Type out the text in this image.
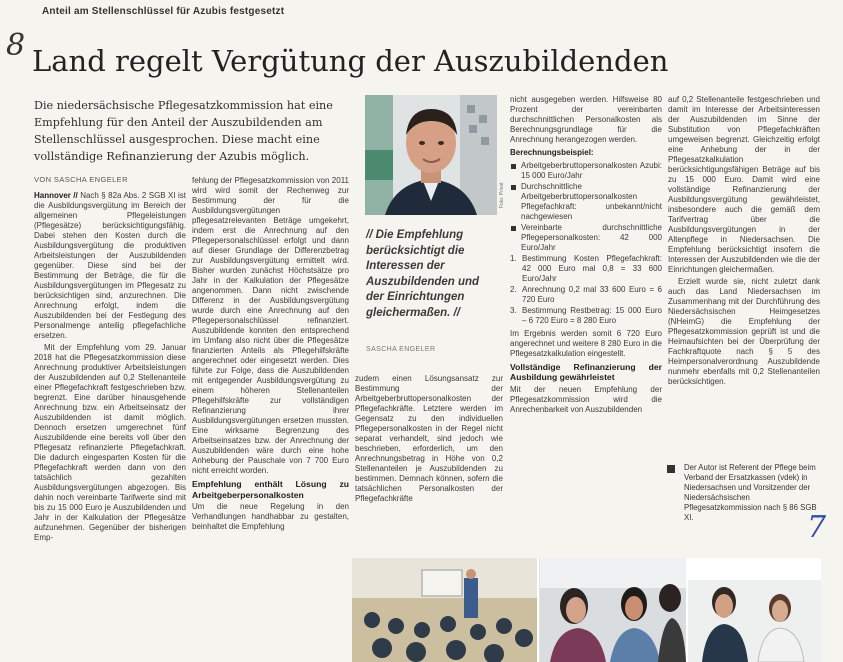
Anteil am Stellenschlüssel für Azubis festgesetzt
8 Land regelt Vergütung der Auszubildenden
Die niedersächsische Pflegesatzkommission hat eine Empfehlung für den Anteil der Auszubildenden am Stellenschlüssel ausgesprochen. Diese macht eine vollständige Refinanzierung der Azubis möglich.
VON SASCHA ENGELER

Hannover // Nach § 82a Abs. 2 SGB XI ist die Ausbildungsvergütung im Bereich der allgemeinen Pflegeleistungen (Pflegesätze) berücksichtigungsfähig. Dabei stehen den Kosten durch die Ausbildungsvergütung die produktiven Arbeitsleistungen der Auszubildenden gegenüber. Diese sind bei der Bestimmung der Beträge, die für die Ausbildungsvergütungen im Pflegesatz zu berücksichtigen sind, anzurechnen. Die Anrechnung erfolgt, indem die Auszubildenden bei der Festlegung des Personalmenge anteilig pflegefachliche ersetzen.

Mit der Empfehlung vom 29. Januar 2018 hat die Pflegesatzkommission diese Anrechnung produktiver Arbeitsleistungen der Auszubildenden auf 0,2 Stellenanteile einer Pflegefachkraft festgeschrieben bzw. begrenzt. Eine darüber hinausgehende Anrechnung bzw. ein Arbeitseinsatz der Auszubildenden ist damit möglich. Dennoch ersetzen umgerechnet fünf Auszubildende eine bereits voll über den Pflegesatz refinanzierte Pflegefachkraft. Die dadurch eingesparten Kosten für die Pflegefachkraft werden dann von den tatsächlich gezahlten Ausbildungsvergütungen abgezogen. Bis dahin noch vereinbarte Tarifwerte sind mit bis zu 15 000 Euro je Auszubildenden und Jahr in der Kalkulation der Pflegesätze aufzunehmen. Gegenüber der bisherigen Emp-

fehlung der Pflegesatzkommission von 2011 wird wird somit der Rechenweg zur Bestimmung der für die Ausbildungsvergütungen pflegesatzrelevanten Beträge umgekehrt, indem erst die Anrechnung auf den Pflegepersonalschlüssel erfolgt und dann auf dieser Grundlage der Differenzbetrag zur Ausbildungsvergütung ermittelt wird. Bisher wurden zunächst Höchstsätze pro Jahr in der Kalkulation der Pflegesätze angenommen. Dann nicht zwischende Differenz in der Ausbildungsvergütung wurde durch eine Anrechnung auf den Pflegepersonalschlüssel refinanziert. Auszubildende konnten den entsprechend im Umfang also nicht über die Pflegesätze finanzierten Anteils als Pflegehilfskräfte angerechnet oder eingesetzt werden. Dies führte zur Folge, dass die Auszubildenden mit entgegender Ausbildungsvergütung zu einem höheren Stellenanteilen Pflegehilfskräfte zur vollständigen Refinanzierung ihrer Ausbildungsvergütungen ersetzen mussten. Eine wirksame Begrenzung des Arbeitseinsatzes bzw. der Anrechnung der Auszubildenden wäre durch eine hohe Anhebung der Pauschale von 7 700 Euro nicht erreicht worden.

Empfehlung enthält Lösung zu Arbeitgeberpersonalkosten

Um die neue Regelung in den Verhandlungen handhabbar zu gestalten, beinhaltet die Empfehlung

Foto: Privat
// Die Empfehlung berücksichtigt die Interessen der Auszubildenden und der Einrichtungen gleichermaßen. //
SASCHA ENGELER

zudem einen Lösungsansatz zur Bestimmung der Arbeitgeberbruttopersonalkosten der Pflegefachkräfte. Letztere werden im Gegensatz zu den individuellen Pflegepersonalkosten in der Regel nicht separat verhandelt, sind jedoch wie beschrieben, erforderlich, um den Anrechnungsbetrag in Höhe von 0,2 Stellenanteilen je Auszubildenden zu bestimmen. Demnach können, sofern die tatsächlichen Personalkosten der Pflegefachkräfte

nicht ausgegeben werden. Hilfsweise 80 Prozent der vereinbarten durchschnittlichen Personalkosten als Berechnungsgrundlage für die Anrechnung herangezogen werden.

Berechnungsbeispiel:
Arbeitgeberbruttopersonalkosten Azubi: 15 000 Euro/Jahr
Durchschnittliche Arbeitgeberbruttopersonalkosten Pflegefachkraft: unbekannt/nicht nachgewiesen
Vereinbarte durchschnittliche Pflegepersonalkosten: 42 000 Euro/Jahr
1. Bestimmung Kosten Pflegefachkraft: 42 000 Euro mal 0,8 = 33 600 Euro/Jahr
2. Anrechnung 0,2 mal 33 600 Euro = 6 720 Euro
3. Bestimmung Restbetrag: 15 000 Euro – 6 720 Euro = 8 280 Euro

Im Ergebnis werden somit 6 720 Euro angerechnet und weitere 8 280 Euro in die Pflegesatzkalkulation eingestellt.

Vollständige Refinanzierung der Ausbildung gewährleistet

Mit der neuen Empfehlung der Pflegesatzkommission wird die Anrechenbarkeit von Auszubildenden

auf 0,2 Stellenanteile festgeschrieben und damit im Interesse der Arbeitsinteressen der Auszubildenden im Sinne der Substitution von Pflegefachkräften umgeweisen begrenzt. Gleichzeitig erfolgt eine Anhebung der in der Pflegesatzkalkulation berücksichtigungsfähigen Beträge auf bis zu 15 000 Euro. Damit wird eine vollständige Refinanzierung der Ausbildungsvergütung gewährleistet, insbesondere auch die gemäß dem Tarifvertrag über die Ausbildungsvergütungen in der Altenpflege in Niedersachsen. Die Empfehlung berücksichtigt insofern die Interessen der Auszubildenden wie die der Einrichtungen gleichermaßen.

Erzielt wurde sie, nicht zuletzt dank auch das Land Niedersachsen im Zusammenhang mit der Durchführung des Niedersächsischen Heimgesetzes (NHeimG) die Empfehlung der Pflegesatzkommission geprüft ist und die Heimaufsichten bei der Überprüfung der Fachkraftquote nach § 5 des Heimpersonalverordnung Auszubildende nunmehr ebenfalls mit 0,2 Stellenanteilen berücksichtigen.

Der Autor ist Referent der Pflege beim Verband der Ersatzkassen (vdek) in Niedersachsen und Vorsitzender der Niedersächsischen Pflegesatzkommission nach § 86 SGB XI.	7
